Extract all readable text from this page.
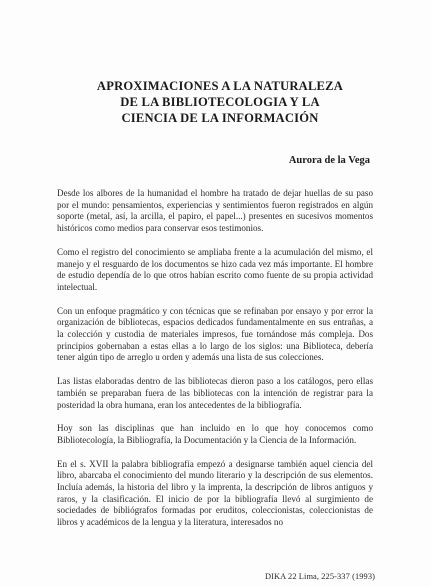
APROXIMACIONES A LA NATURALEZA
DE LA BIBLIOTECOLOGIA Y LA
CIENCIA DE LA INFORMACIÓN
Aurora de la Vega

Desde los albores de la humanidad el hombre ha tratado de dejar huellas de su paso por el mundo: pensamientos, experiencias y sentimientos fueron registrados en algún soporte (metal, así, la arcilla, el papiro, el papel...) presentes en sucesivos momentos históricos como medios para conservar esos testimonios.

Como el registro del conocimiento se ampliaba frente a la acumulación del mismo, el manejo y el resguardo de los documentos se hizo cada vez más importante. El hombre de estudio dependía de lo que otros habían escrito como fuente de su propia actividad intelectual.

Con un enfoque pragmático y con técnicas que se refinaban por ensayo y por error la organización de bibliotecas, espacios dedicados fundamentalmente en sus entrañas, a la colección y custodia de materiales impresos, fue tornándose más compleja. Dos principios gobernaban a estas ellas a lo largo de los siglos: una Biblioteca, debería tener algún tipo de arreglo u orden y además una lista de sus colecciones.

Las listas elaboradas dentro de las bibliotecas dieron paso a los catálogos, pero ellas también se preparaban fuera de las bibliotecas con la intención de registrar para la posteridad la obra humana, eran los antecedentes de la bibliografía.

Hoy son las disciplinas que han incluido en lo que hoy conocemos como Bibliotecología, la Bibliografía, la Documentación y la Ciencia de la Información.

En el s. XVII la palabra bibliografía empezó a designarse también aquel ciencia del libro, abarcaba el conocimiento del mundo literario y la descripción de sus elementos. Incluía además, la historia del libro y la imprenta, la descripción de libros antiguos y raros, y la clasificación. El inicio de por la bibliografía llevó al surgimiento de sociedades de bibliógrafos formadas por eruditos, coleccionistas, coleccionistas de libros y académicos de la lengua y la literatura, interesados no

DIKA 22 Lima, 225-337 (1993)
